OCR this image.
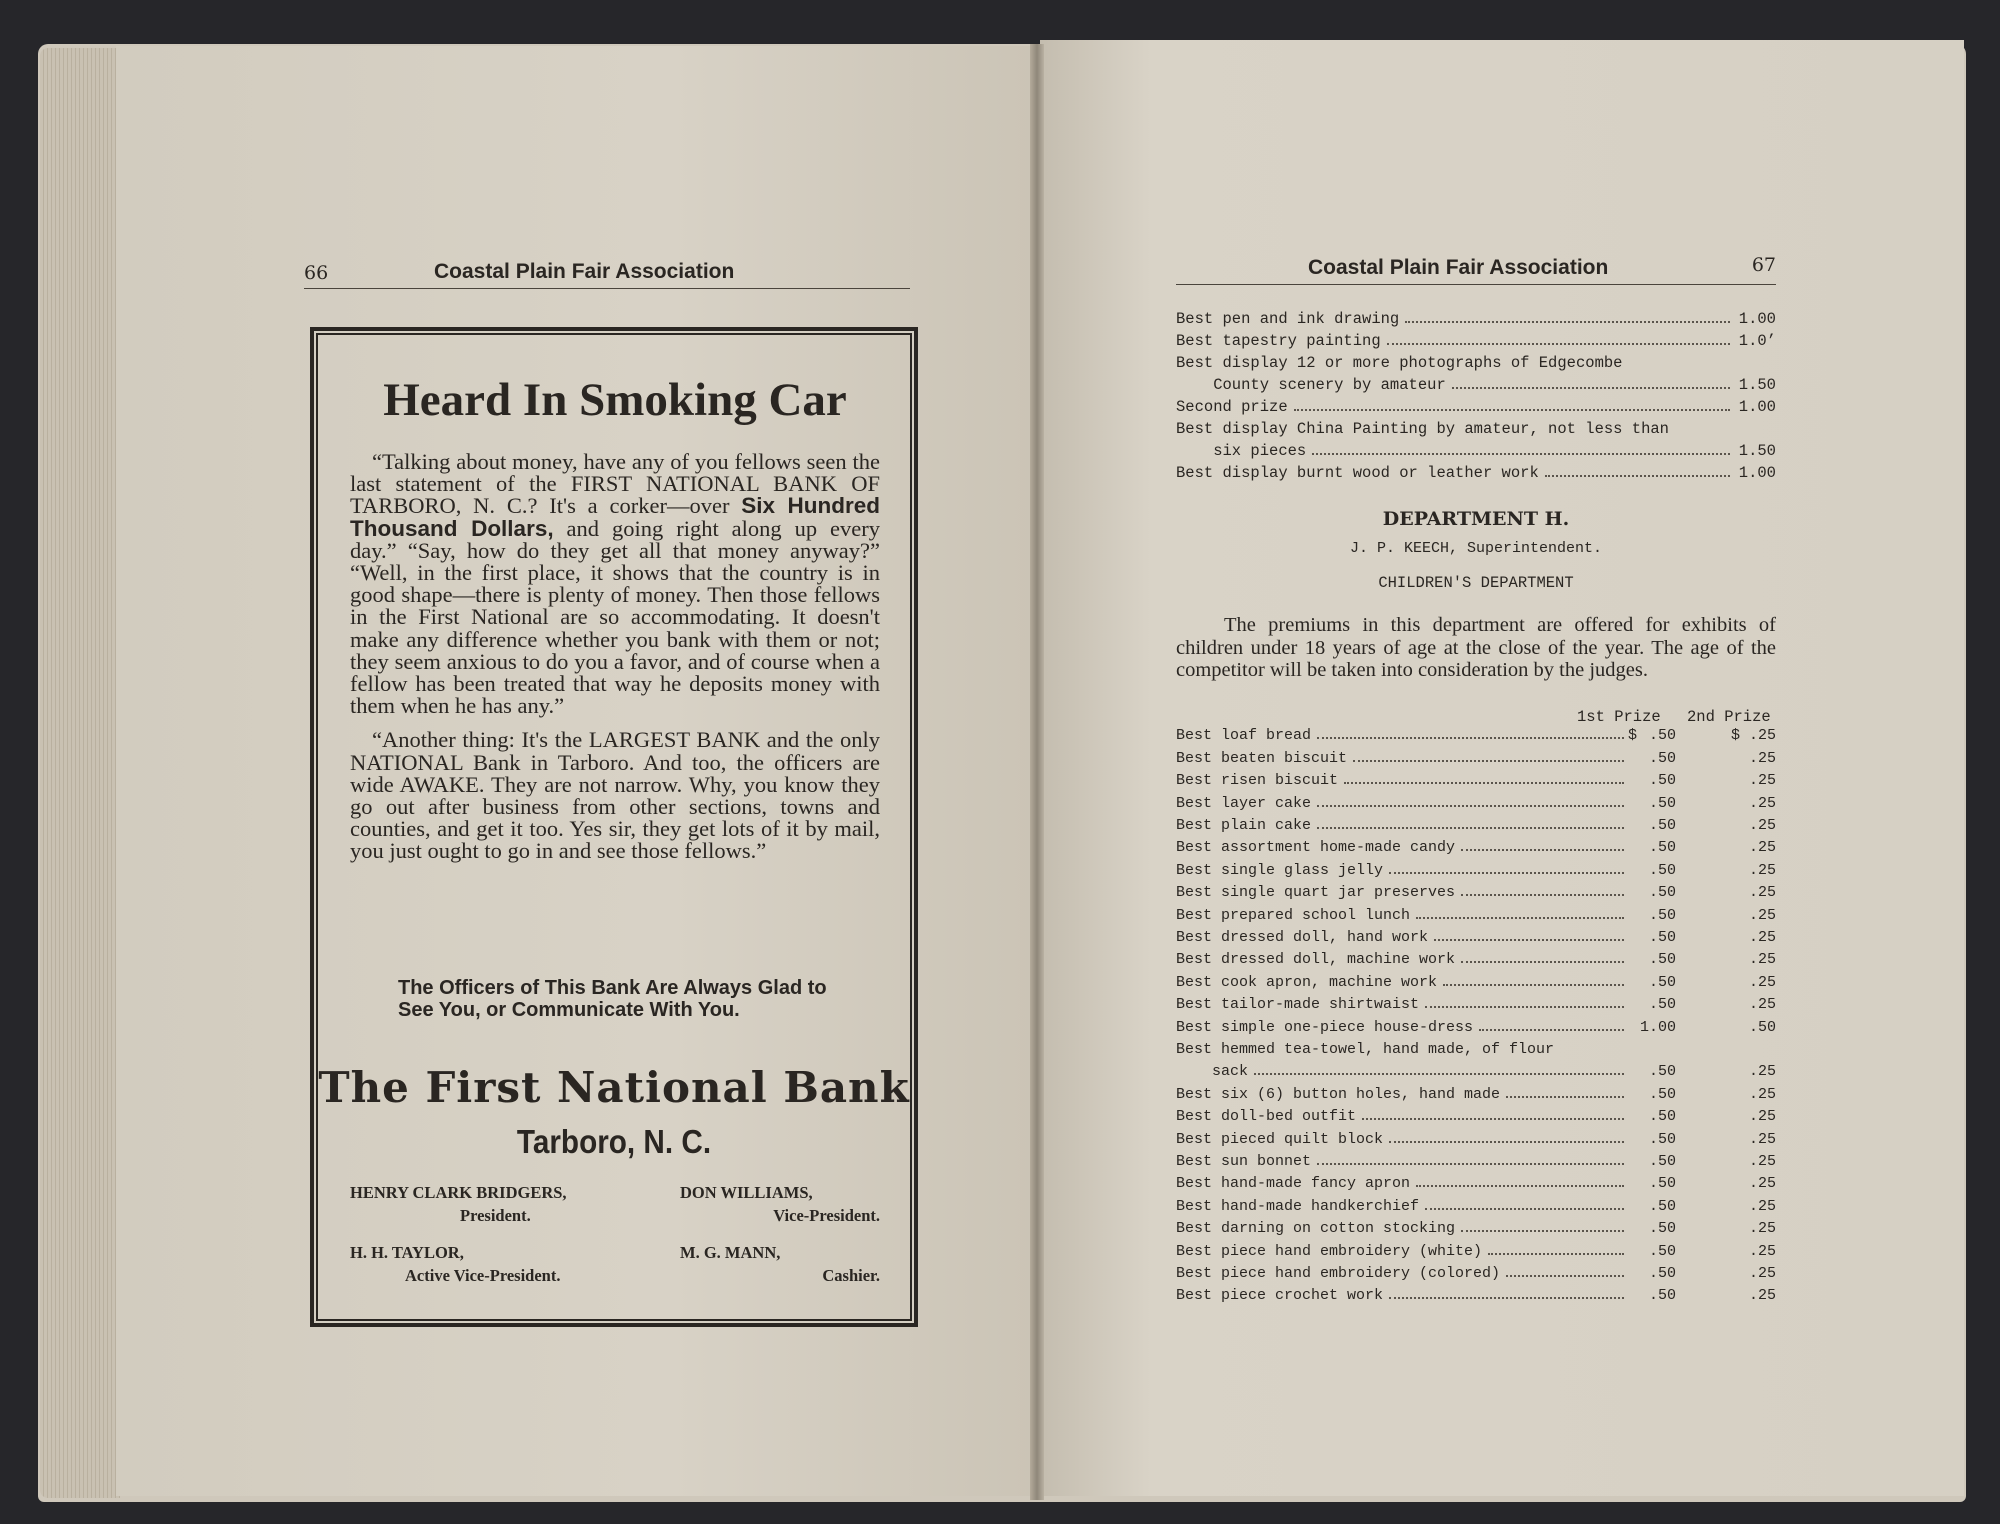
66	Coastal Plain Fair Association
Heard In Smoking Car

“Talking about money, have any of you fellows seen the last statement of the FIRST NATIONAL BANK OF TARBORO, N. C.? It's a corker—over Six Hundred Thousand Dollars, and going right along up every day.” “Say, how do they get all that money anyway?” “Well, in the first place, it shows that the country is in good shape—there is plenty of money. Then those fellows in the First National are so accommodating. It doesn't make any difference whether you bank with them or not; they seem anxious to do you a favor, and of course when a fellow has been treated that way he deposits money with them when he has any.”

“Another thing: It's the LARGEST BANK and the only NATIONAL Bank in Tarboro. And too, the officers are wide AWAKE. They are not narrow. Why, you know they go out after business from other sections, towns and counties, and get it too. Yes sir, they get lots of it by mail, you just ought to go in and see those fellows.”

The Officers of This Bank Are Always Glad to See You, or Communicate With You.
The First National Bank
Tarboro, N. C.
HENRY CLARK BRIDGERS,
President.
DON WILLIAMS,
Vice-President.
H. H. TAYLOR,
Active Vice-President.
M. G. MANN,
Cashier.
Coastal Plain Fair Association	67
Best pen and ink drawing	1.00
Best tapestry painting	1.0’
Best display 12 or more photographs of Edgecombe
County scenery by amateur	1.50
Second prize	1.00
Best display China Painting by amateur, not less than
six pieces	1.50
Best display burnt wood or leather work	1.00
DEPARTMENT H.
J. P. KEECH, Superintendent.
CHILDREN'S DEPARTMENT

The premiums in this department are offered for exhibits of children under 18 years of age at the close of the year. The age of the competitor will be taken into consideration by the judges.

1st Prize 2nd Prize
Best loaf bread	$ .50	$ .25
Best beaten biscuit	.50	.25
Best risen biscuit	.50	.25
Best layer cake	.50	.25
Best plain cake	.50	.25
Best assortment home-made candy	.50	.25
Best single glass jelly	.50	.25
Best single quart jar preserves	.50	.25
Best prepared school lunch	.50	.25
Best dressed doll, hand work	.50	.25
Best dressed doll, machine work	.50	.25
Best cook apron, machine work	.50	.25
Best tailor-made shirtwaist	.50	.25
Best simple one-piece house-dress	1.00	.50
Best hemmed tea-towel, hand made, of flour
sack	.50	.25
Best six (6) button holes, hand made	.50	.25
Best doll-bed outfit	.50	.25
Best pieced quilt block	.50	.25
Best sun bonnet	.50	.25
Best hand-made fancy apron	.50	.25
Best hand-made handkerchief	.50	.25
Best darning on cotton stocking	.50	.25
Best piece hand embroidery (white)	.50	.25
Best piece hand embroidery (colored)	.50	.25
Best piece crochet work	.50	.25
